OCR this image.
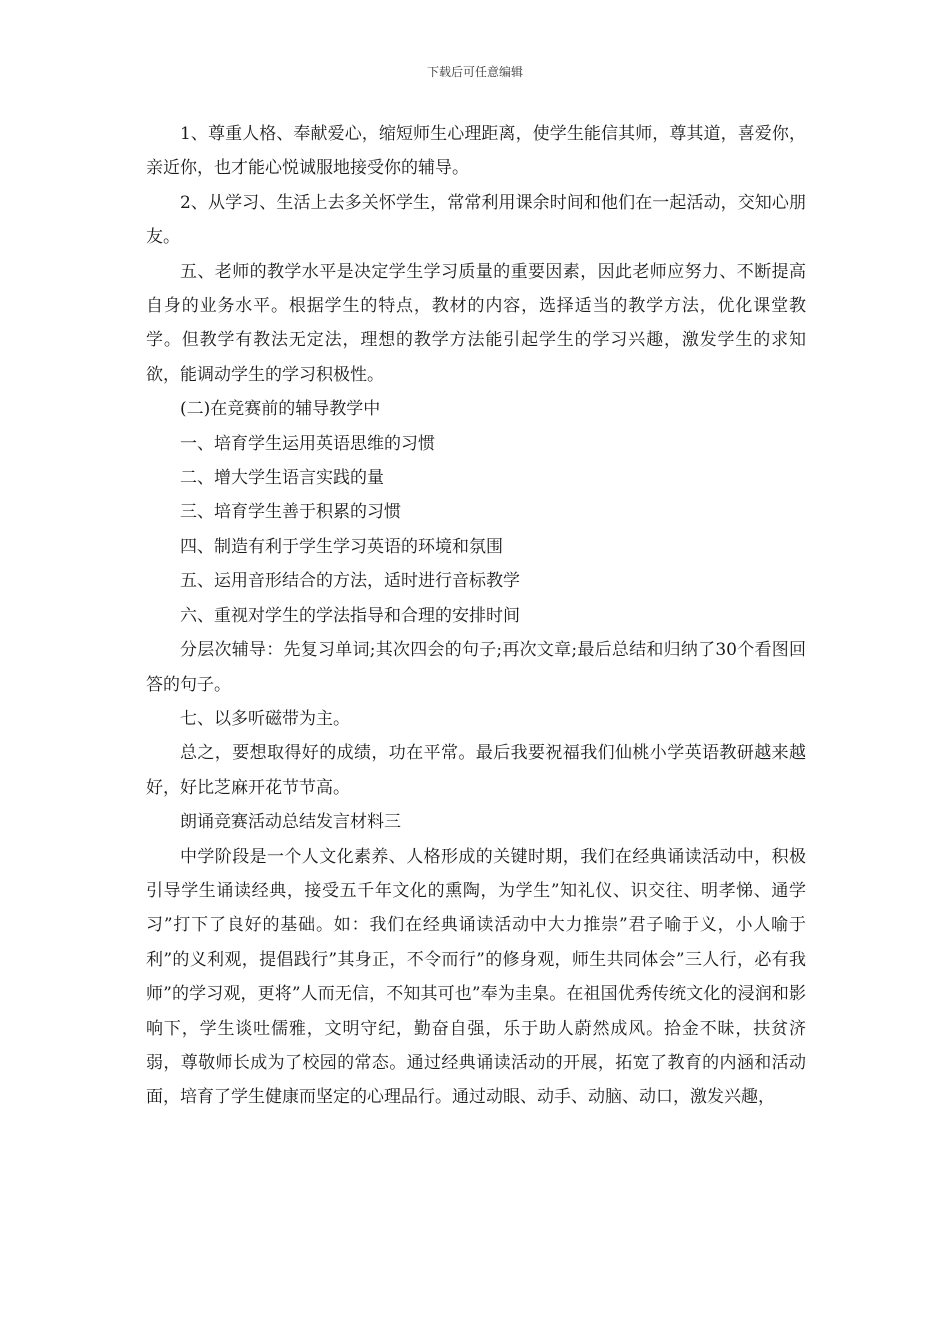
下载后可任意编辑

1、尊重人格、奉献爱心，缩短师生心理距离，使学生能信其师，尊其道，喜爱你，亲近你，也才能心悦诚服地接受你的辅导。

2、从学习、生活上去多关怀学生，常常利用课余时间和他们在一起活动，交知心朋友。

五、老师的教学水平是决定学生学习质量的重要因素，因此老师应努力、不断提高自身的业务水平。根据学生的特点，教材的内容，选择适当的教学方法，优化课堂教学。但教学有教法无定法，理想的教学方法能引起学生的学习兴趣，激发学生的求知欲，能调动学生的学习积极性。

(二)在竞赛前的辅导教学中

一、培育学生运用英语思维的习惯

二、增大学生语言实践的量

三、培育学生善于积累的习惯

四、制造有利于学生学习英语的环境和氛围

五、运用音形结合的方法，适时进行音标教学

六、重视对学生的学法指导和合理的安排时间

分层次辅导：先复习单词;其次四会的句子;再次文章;最后总结和归纳了30个看图回答的句子。

七、以多听磁带为主。

总之，要想取得好的成绩，功在平常。最后我要祝福我们仙桃小学英语教研越来越好，好比芝麻开花节节高。

朗诵竞赛活动总结发言材料三

中学阶段是一个人文化素养、人格形成的关键时期，我们在经典诵读活动中，积极引导学生诵读经典，接受五千年文化的熏陶，为学生”知礼仪、识交往、明孝悌、通学习”打下了良好的基础。如：我们在经典诵读活动中大力推崇”君子喻于义，小人喻于利”的义利观，提倡践行”其身正，不令而行”的修身观，师生共同体会”三人行，必有我师”的学习观，更将”人而无信，不知其可也”奉为圭臬。在祖国优秀传统文化的浸润和影响下，学生谈吐儒雅，文明守纪，勤奋自强，乐于助人蔚然成风。拾金不昧，扶贫济弱，尊敬师长成为了校园的常态。通过经典诵读活动的开展，拓宽了教育的内涵和活动面，培育了学生健康而坚定的心理品行。通过动眼、动手、动脑、动口，激发兴趣，
